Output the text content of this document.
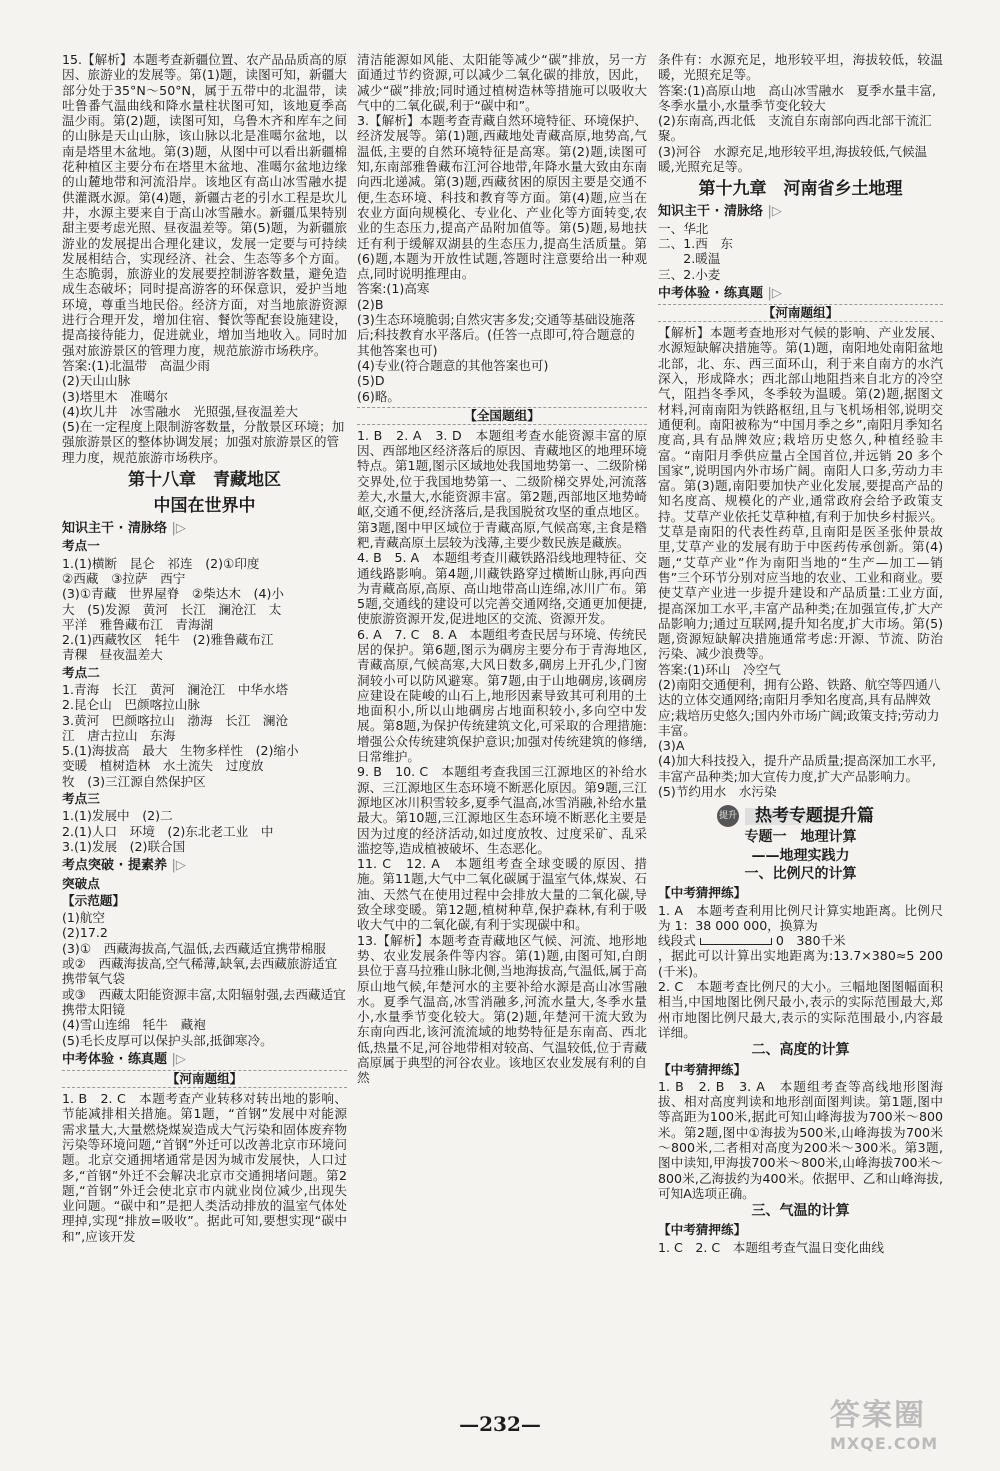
15.【解析】本题考查新疆位置、农产品品质高的原因、旅游业的发展等。第(1)题，读图可知，新疆大部分处于35°N～50°N，属于五带中的北温带，读吐鲁番气温曲线和降水量柱状图可知，该地夏季高温少雨。第(2)题，读图可知，乌鲁木齐和库车之间的山脉是天山山脉，该山脉以北是准噶尔盆地，以南是塔里木盆地。第(3)题，从图中可以看出新疆棉花种植区主要分布在塔里木盆地、准噶尔盆地边缘的山麓地带和河流沿岸。该地区有高山冰雪融水提供灌溉水源。第(4)题，新疆古老的引水工程是坎儿井，水源主要来自于高山冰雪融水。新疆瓜果特别甜主要考虑光照、昼夜温差等。第(5)题，为新疆旅游业的发展提出合理化建议，发展一定要与可持续发展相结合，实现经济、社会、生态等多个方面。生态脆弱，旅游业的发展要控制游客数量，避免造成生态破坏；同时提高游客的环保意识，爱护当地环境，尊重当地民俗。经济方面，对当地旅游资源进行合理开发，增加住宿、餐饮等配套设施建设，提高接待能力，促进就业，增加当地收入。同时加强对旅游景区的管理力度，规范旅游市场秩序。

答案:(1)北温带　高温少雨

(2)天山山脉

(3)塔里木　准噶尔

(4)坎儿井　冰雪融水　光照强,昼夜温差大

(5)在一定程度上限制游客数量，分散景区环境；加强旅游景区的整体协调发展；加强对旅游景区的管理力度，规范旅游市场秩序。

第十八章　青藏地区
中国在世界中
知识主干 · 清脉络 |▷
考点一

1.(1)横断　昆仑　祁连　(2)①印度

②西藏　③拉萨　西宁

(3)①青藏　世界屋脊　②柴达木　(4)小

大　(5)发源　黄河　长江　澜沧江　太

平洋　雅鲁藏布江　青海湖

2.(1)西藏牧区　牦牛　(2)雅鲁藏布江

青稞　昼夜温差大

考点二

1.青海　长江　黄河　澜沧江　中华水塔

2.昆仑山　巴颜喀拉山脉

3.黄河　巴颜喀拉山　渤海　长江　澜沧

江　唐古拉山　东海

5.(1)海拔高　最大　生物多样性　(2)缩小

变暖　植树造林　水土流失　过度放

牧　(3)三江源自然保护区

考点三

1.(1)发展中　(2)二

2.(1)人口　环境　(2)东北老工业　中

3.(1)发展　(2)联合国

考点突破 · 提素养 |▷
突破点
【示范题】

(1)航空

(2)17.2

(3)①　西藏海拔高,气温低,去西藏适宜携带棉服

或②　西藏海拔高,空气稀薄,缺氧,去西藏旅游适宜携带氧气袋

或③　西藏太阳能资源丰富,太阳辐射强,去西藏适宜携带太阳镜

(4)雪山连绵　牦牛　藏袍

(5)毛长皮厚可以保护头部,抵御寒冷。

中考体验 · 练真题 |▷
【河南题组】

1. B　2. C　本题考查产业转移对转出地的影响、节能减排相关措施。第1题，“首钢”发展中对能源需求量大,大量燃烧煤炭造成大气污染和固体废弃物污染等环境问题,“首钢”外迁可以改善北京市环境问题。北京交通拥堵通常是因为城市发展快，人口过多,“首钢”外迁不会解决北京市交通拥堵问题。第2题,“首钢”外迁会使北京市内就业岗位减少,出现失业问题。“碳中和”是把人类活动排放的温室气体处理掉,实现“排放=吸收”。据此可知,要想实现“碳中和”,应该开发

清洁能源如风能、太阳能等减少“碳”排放，另一方面通过节约资源,可以减少二氧化碳的排放，因此，减少“碳”排放;同时通过植树造林等措施可以吸收大气中的二氧化碳,利于“碳中和”。

3.【解析】本题考查青藏自然环境特征、环境保护、经济发展等。第(1)题,西藏地处青藏高原,地势高,气温低,主要的自然环境特征是高寒。第(2)题,读图可知,东南部雅鲁藏布江河谷地带,年降水量大致由东南向西北递减。第(3)题,西藏贫困的原因主要是交通不便,生态环境、科技和教育等方面。第(4)题,应当在农业方面向规模化、专业化、产业化等方面转变,农业的生态压力,提高产品附加值等。第(5)题,易地扶迁有利于缓解双湖县的生态压力,提高生活质量。第(6)题,本题为开放性试题,答题时注意要给出一种观点,同时说明推理由。

答案:(1)高寒

(2)B

(3)生态环境脆弱;自然灾害多发;交通等基础设施落后;科技教育水平落后。(任答一点即可,符合题意的其他答案也可)

(4)专业(符合题意的其他答案也可)

(5)D

(6)略。

【全国题组】

1. B　2. A　3. D　本题组考查水能资源丰富的原因、西部地区经济落后的原因、青藏地区的地理环境特点。第1题,图示区域地处我国地势第一、二级阶梯交界处,位于我国地势第一、二级阶梯交界处,河流落差大,水量大,水能资源丰富。第2题,西部地区地势崎岖,交通不便,经济落后,是我国脱贫攻坚的重点地区。第3题,图中甲区域位于青藏高原,气候高寒,主食是糌粑,青藏高原土层较为浅薄,主要少数民族是藏族。

4. B　5. A　本题组考查川藏铁路沿线地理特征、交通线路影响。第4题,川藏铁路穿过横断山脉,再向西为青藏高原,高原、高山地带高山连绵,冰川广布。第5题,交通线的建设可以完善交通网络,交通更加便捷,使旅游资源开发,促进地区的交流、资源开发。

6. A　7. C　8. A　本题组考查民居与环境、传统民居的保护。第6题,图示为碉房主要分布于青海地区,青藏高原,气候高寒,大风日数多,碉房上开孔少,门窗洞较小可以防风避寒。第7题,由于山地碉房,该碉房应建设在陡峻的山石上,地形因素导致其可利用的土地面积小,所以山地碉房占地面积较小,多向空中发展。第8题,为保护传统建筑文化,可采取的合理措施:增强公众传统建筑保护意识;加强对传统建筑的修缮,日常维护。

9. B　10. C　本题组考查我国三江源地区的补给水源、三江源地区生态环境不断恶化原因。第9题,三江源地区冰川积雪较多,夏季气温高,冰雪消融,补给水量最大。第10题,三江源地区生态环境不断恶化主要是因为过度的经济活动,如过度放牧、过度采矿、乱采滥挖等,造成植被破坏、生态恶化。

11. C　12. A　本题组考查全球变暖的原因、措施。第11题,大气中二氧化碳属于温室气体,煤炭、石油、天然气在使用过程中会排放大量的二氧化碳,导致全球变暖。第12题,植树种草,保护森林,有利于吸收大气中的二氧化碳,有利于实现碳中和。

13.【解析】本题考查青藏地区气候、河流、地形地势、农业发展条件等内容。第(1)题,由图可知,白朗县位于喜马拉雅山脉北侧,当地海拔高,气温低,属于高原山地气候,年楚河水的主要补给水源是高山冰雪融水。夏季气温高,冰雪消融多,河流水量大,冬季水量小,水量季节变化较大。第(2)题,年楚河干流大致为东南向西北,该河流流域的地势特征是东南高、西北低,热量不足,河谷地带相对较高、气温较低,位于青藏高原属于典型的河谷农业。该地区农业发展有利的自然

条件有：水源充足，地形较平坦，海拔较低，较温暖，光照充足等。

答案:(1)高原山地　高山冰雪融水　夏季水量丰富,冬季水量小,水量季节变化较大

(2)东南高,西北低　支流自东南部向西北部干流汇聚。

(3)河谷　水源充足,地形较平坦,海拔较低,气候温暖,光照充足等。

第十九章　河南省乡土地理
知识主干 · 清脉络 |▷

一、华北

二、1.西　东

　　2.暖温

三、2.小麦

中考体验 · 练真题 |▷
【河南题组】

【解析】本题考查地形对气候的影响、产业发展、水源短缺解决措施等。第(1)题，南阳地处南阳盆地北部，北、东、西三面环山，利于来自南方的水汽深入，形成降水；西北部山地阻挡来自北方的冷空气，阻挡冬季风，冬季较为温暖。第(2)题,据图文材料,河南南阳为铁路枢纽,且与飞机场相邻,说明交通便利。南阳被称为“中国月季之乡”,南阳月季知名度高,具有品牌效应;栽培历史悠久,种植经验丰富。“南阳月季供应量占全国首位,并远销 20 多个国家”,说明国内外市场广阔。南阳人口多,劳动力丰富。第(3)题,南阳要加快产业化发展,要提高产品的知名度高、规模化的产业,通常政府会给予政策支持。艾草产业依托艾草种植,有利于加快乡村振兴。艾草是南阳的代表性药草,且南阳是医圣张仲景故里,艾草产业的发展有助于中医药传承创新。第(4)题,“艾草产业”作为南阳当地的“生产—加工—销售”三个环节分别对应当地的农业、工业和商业。要使艾草产业进一步提升建设和产品质量:工业方面,提高深加工水平,丰富产品种类;在加强宣传,扩大产品影响力;通过互联网,提升知名度,扩大市场。第(5)题,资源短缺解决措施通常考虑:开源、节流、防治污染、减少浪费等。

答案:(1)环山　冷空气

(2)南阳交通便利，拥有公路、铁路、航空等四通八达的立体交通网络;南阳月季知名度高,具有品牌效应;栽培历史悠久;国内外市场广阔;政策支持;劳动力丰富。

(3)A

(4)加大科技投入，提升产品质量;提高深加工水平,丰富产品种类;加大宣传力度,扩大产品影响力。

(5)节约用水　水污染

提升	热考专题提升篇
专题一　地理计算
——地理实践力
一、比例尺的计算
【中考猜押练】

1. A　本题考查利用比例尺计算实地距离。比例尺为 1：38 000 000，换算为

线段式	0　380千米

，据此可以计算出实地距离为:13.7×380≈5 200(千米)。

2. C　本题考查比例尺的大小。三幅地图图幅面积相当,中国地图比例尺最小,表示的实际范围最大,郑州市地图比例尺最大,表示的实际范围最小,内容最详细。

二、高度的计算
【中考猜押练】

1. B　2. B　3. A　本题组考查等高线地形图海拔、相对高度判读和地形剖面图判读。第1题,图中等高距为100米,据此可知山峰海拔为700米～800米。第2题,图中①海拔为500米,山峰海拔为700米～800米,二者相对高度为200米～300米。第3题,图中读知,甲海拔700米～800米,山峰海拔700米～800米,乙海拔约为400米。依据甲、乙和山峰海拔,可知A选项正确。

三、气温的计算
【中考猜押练】

1. C　2. C　本题组考查气温日变化曲线

—232—	答案圈
MXQE.COM
